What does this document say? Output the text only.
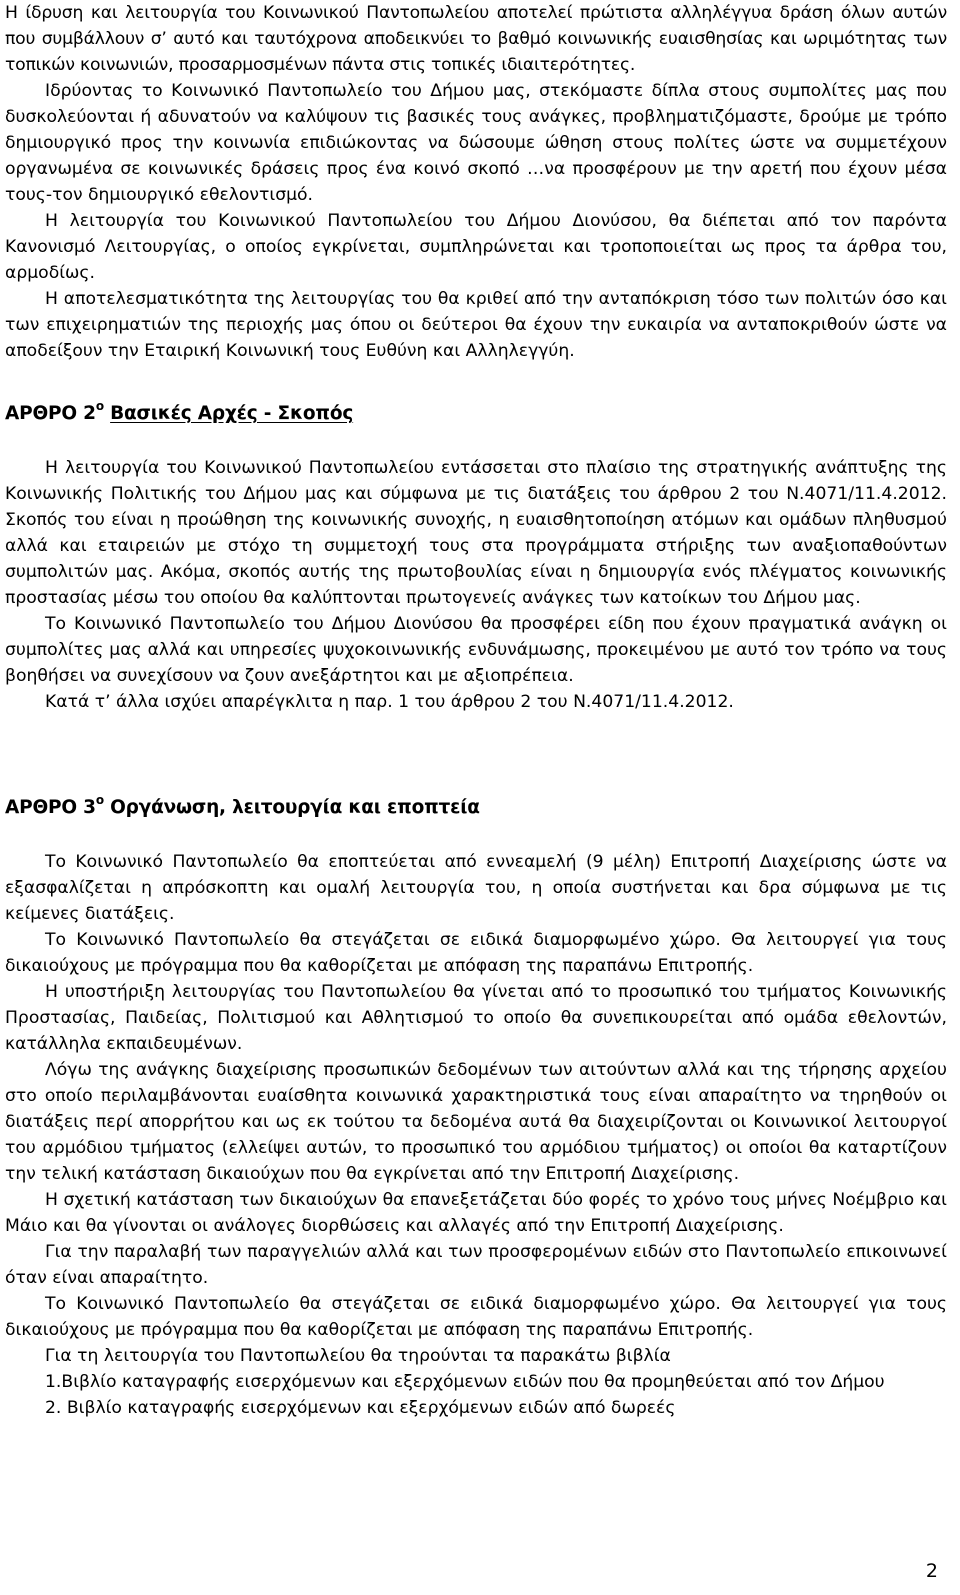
Η ίδρυση και λειτουργία του Κοινωνικού Παντοπωλείου αποτελεί πρώτιστα αλληλέγγυα δράση όλων αυτών που συμβάλλουν σ’ αυτό και ταυτόχρονα αποδεικνύει το βαθμό κοινωνικής ευαισθησίας και ωριμότητας των τοπικών κοινωνιών, προσαρμοσμένων πάντα στις τοπικές ιδιαιτερότητες.

Ιδρύοντας το Κοινωνικό Παντοπωλείο του Δήμου μας, στεκόμαστε δίπλα στους συμπολίτες μας που δυσκολεύονται ή αδυνατούν να καλύψουν τις βασικές τους ανάγκες, προβληματιζόμαστε, δρούμε με τρόπο δημιουργικό προς την κοινωνία επιδιώκοντας να δώσουμε ώθηση στους πολίτες ώστε να συμμετέχουν οργανωμένα σε κοινωνικές δράσεις προς ένα κοινό σκοπό …να προσφέρουν με την αρετή που έχουν μέσα τους-τον δημιουργικό εθελοντισμό.

Η λειτουργία του Κοινωνικού Παντοπωλείου του Δήμου Διονύσου, θα διέπεται από τον παρόντα Κανονισμό Λειτουργίας, ο οποίος εγκρίνεται, συμπληρώνεται και τροποποιείται ως προς τα άρθρα του, αρμοδίως.

Η αποτελεσματικότητα της λειτουργίας του θα κριθεί από την ανταπόκριση τόσο των πολιτών όσο και των επιχειρηματιών της περιοχής μας όπου οι δεύτεροι θα έχουν την ευκαιρία να ανταποκριθούν ώστε να αποδείξουν την Εταιρική Κοινωνική τους Ευθύνη και Αλληλεγγύη.

ΑΡΘΡΟ $2^o$ Βασικές Αρχές - Σκοπός

Η λειτουργία του Κοινωνικού Παντοπωλείου εντάσσεται στο πλαίσιο της στρατηγικής ανάπτυξης της Κοινωνικής Πολιτικής του Δήμου μας και σύμφωνα με τις διατάξεις του άρθρου 2 του Ν.4071/11.4.2012. Σκοπός του είναι η προώθηση της κοινωνικής συνοχής, η ευαισθητοποίηση ατόμων και ομάδων πληθυσμού αλλά και εταιρειών με στόχο τη συμμετοχή τους στα προγράμματα στήριξης των αναξιοπαθούντων συμπολιτών μας. Ακόμα, σκοπός αυτής της πρωτοβουλίας είναι η δημιουργία ενός πλέγματος κοινωνικής προστασίας μέσω του οποίου θα καλύπτονται πρωτογενείς ανάγκες των κατοίκων του Δήμου μας.

Το Κοινωνικό Παντοπωλείο του Δήμου Διονύσου θα προσφέρει είδη που έχουν πραγματικά ανάγκη οι συμπολίτες μας αλλά και υπηρεσίες ψυχοκοινωνικής ενδυνάμωσης, προκειμένου με αυτό τον τρόπο να τους βοηθήσει να συνεχίσουν να ζουν ανεξάρτητοι και με αξιοπρέπεια.

Κατά τ’ άλλα ισχύει απαρέγκλιτα η παρ. 1 του άρθρου 2 του Ν.4071/11.4.2012.

ΑΡΘΡΟ $3^o$ Οργάνωση, λειτουργία και εποπτεία

Το Κοινωνικό Παντοπωλείο θα εποπτεύεται από εννεαμελή (9 μέλη) Επιτροπή Διαχείρισης ώστε να εξασφαλίζεται η απρόσκοπτη και ομαλή λειτουργία του, η οποία συστήνεται και δρα σύμφωνα με τις κείμενες διατάξεις.

Το Κοινωνικό Παντοπωλείο θα στεγάζεται σε ειδικά διαμορφωμένο χώρο. Θα λειτουργεί για τους δικαιούχους με πρόγραμμα που θα καθορίζεται με απόφαση της παραπάνω Επιτροπής.

Η υποστήριξη λειτουργίας του Παντοπωλείου θα γίνεται από το προσωπικό του τμήματος Κοινωνικής Προστασίας, Παιδείας, Πολιτισμού και Αθλητισμού το οποίο θα συνεπικουρείται από ομάδα εθελοντών, κατάλληλα εκπαιδευμένων.

Λόγω της ανάγκης διαχείρισης προσωπικών δεδομένων των αιτούντων αλλά και της τήρησης αρχείου στο οποίο περιλαμβάνονται ευαίσθητα κοινωνικά χαρακτηριστικά τους είναι απαραίτητο να τηρηθούν οι διατάξεις περί απορρήτου και ως εκ τούτου τα δεδομένα αυτά θα διαχειρίζονται οι Κοινωνικοί λειτουργοί του αρμόδιου τμήματος (ελλείψει αυτών, το προσωπικό του αρμόδιου τμήματος) οι οποίοι θα καταρτίζουν την τελική κατάσταση δικαιούχων που θα εγκρίνεται από την Επιτροπή Διαχείρισης.

Η σχετική κατάσταση των δικαιούχων θα επανεξετάζεται δύο φορές το χρόνο τους μήνες Νοέμβριο και Μάιο και θα γίνονται οι ανάλογες διορθώσεις και αλλαγές από την Επιτροπή Διαχείρισης.

Για την παραλαβή των παραγγελιών αλλά και των προσφερομένων ειδών στο Παντοπωλείο επικοινωνεί όταν είναι απαραίτητο.

Το Κοινωνικό Παντοπωλείο θα στεγάζεται σε ειδικά διαμορφωμένο χώρο. Θα λειτουργεί για τους δικαιούχους με πρόγραμμα που θα καθορίζεται με απόφαση της παραπάνω Επιτροπής.

Για τη λειτουργία του Παντοπωλείου θα τηρούνται τα παρακάτω βιβλία

1.Βιβλίο καταγραφής εισερχόμενων και εξερχόμενων ειδών που θα προμηθεύεται από τον Δήμου

2. Βιβλίο καταγραφής εισερχόμενων και εξερχόμενων ειδών από δωρεές

2
